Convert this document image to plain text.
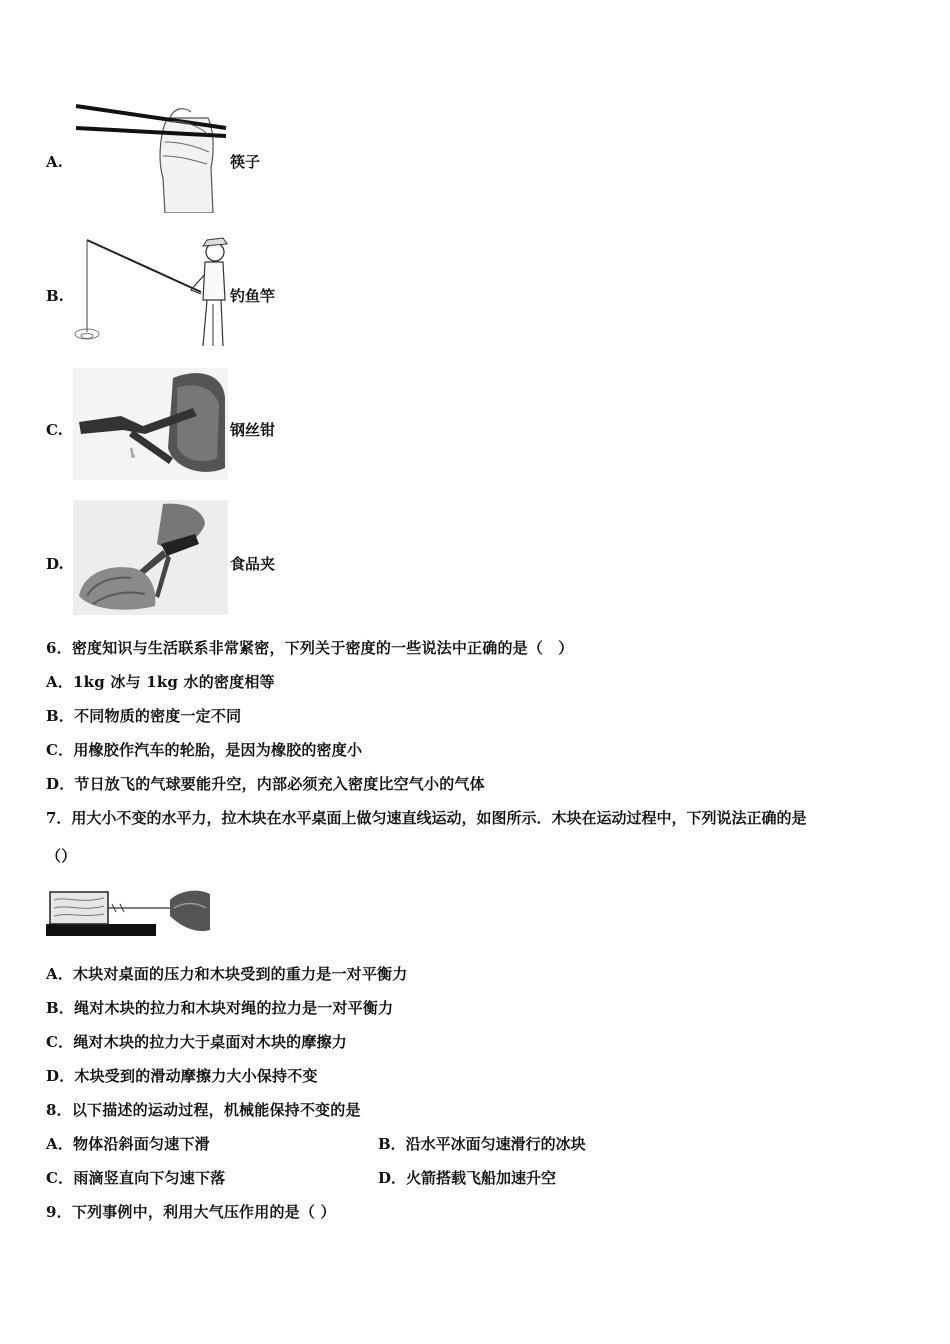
A.	筷子
B.	钓鱼竿
C.	钢丝钳
D.	食品夹
6．密度知识与生活联系非常紧密，下列关于密度的一些说法中正确的是（　）
A．1kg 冰与 1kg 水的密度相等
B．不同物质的密度一定不同
C．用橡胶作汽车的轮胎，是因为橡胶的密度小
D．节日放飞的气球要能升空，内部必须充入密度比空气小的气体
7．用大小不变的水平力，拉木块在水平桌面上做匀速直线运动，如图所示．木块在运动过程中，下列说法正确的是
（）
A．木块对桌面的压力和木块受到的重力是一对平衡力
B．绳对木块的拉力和木块对绳的拉力是一对平衡力
C．绳对木块的拉力大于桌面对木块的摩擦力
D．木块受到的滑动摩擦力大小保持不变
8．以下描述的运动过程，机械能保持不变的是
A．物体沿斜面匀速下滑	B．沿水平冰面匀速滑行的冰块
C．雨滴竖直向下匀速下落	D．火箭搭载飞船加速升空
9．下列事例中，利用大气压作用的是（ ）
